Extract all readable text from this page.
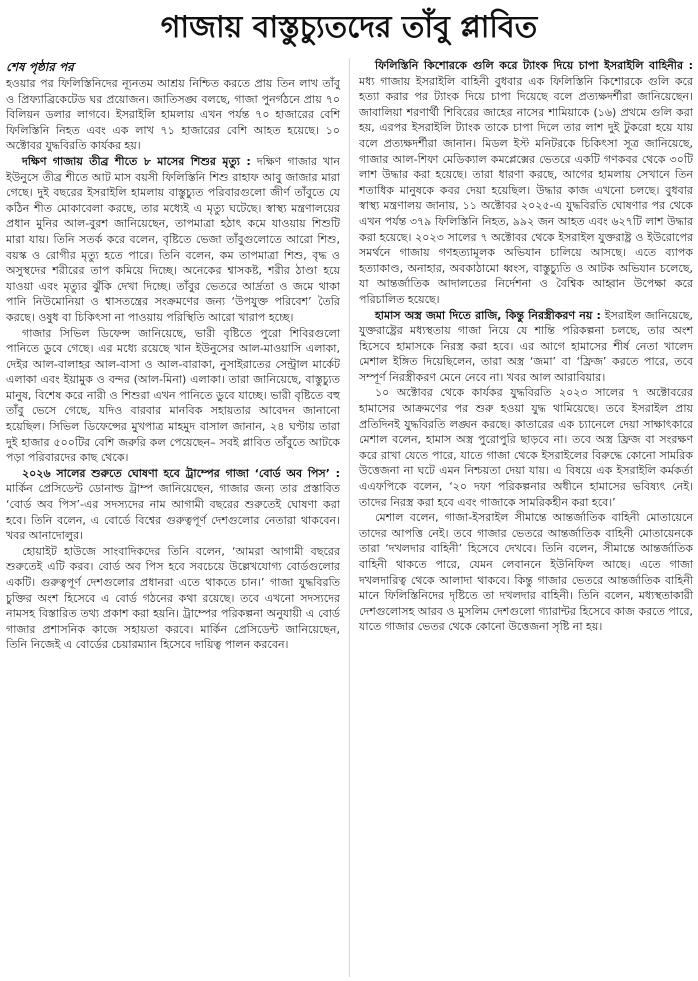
গাজায় বাস্তুচ্যুতদের তাঁবু প্লাবিত
শেষ পৃষ্ঠার পর

হওয়ার পর ফিলিস্তিনিদের ন্যূনতম আশ্রয় নিশ্চিত করতে প্রায় তিন লাখ তাঁবু ও প্রিফ্যাব্রিকেটেড ঘর প্রয়োজন। জাতিসঙ্ঘ বলছে, গাজা পুনর্গঠনে প্রায় ৭০ বিলিয়ন ডলার লাগবে। ইসরাইলি হামলায় এখন পর্যন্ত ৭০ হাজারের বেশি ফিলিস্তিনি নিহত এবং এক লাখ ৭১ হাজারের বেশি আহত হয়েছে। ১০ অক্টোবর যুদ্ধবিরতি কার্যকর হয়।

দক্ষিণ গাজায় তীব্র শীতে ৮ মাসের শিশুর মৃত্যু : দক্ষিণ গাজার খান ইউনুসে তীব্র শীতে আট মাস বয়সী ফিলিস্তিনি শিশু রাহাফ আবু জাজার মারা গেছে। দুই বছরের ইসরাইলি হামলায় বাস্তুচ্যুত পরিবারগুলো জীর্ণ তাঁবুতে যে কঠিন শীত মোকাবেলা করছে, তার মধ্যেই এ মৃত্যু ঘটেছে। স্বাস্থ্য মন্ত্রণালয়ের প্রধান মুনির আল-বুরশ জানিয়েছেন, তাপমাত্রা হঠাৎ কমে যাওয়ায় শিশুটি মারা যায়। তিনি সতর্ক করে বলেন, বৃষ্টিতে ভেজা তাঁবুগুলোতে আরো শিশু, বয়স্ক ও রোগীর মৃত্যু হতে পারে। তিনি বলেন, কম তাপমাত্রা শিশু, বৃদ্ধ ও অসুস্থদের শরীরের তাপ কমিয়ে দিচ্ছে। অনেকের শ্বাসকষ্ট, শরীর ঠাণ্ডা হয়ে যাওয়া এবং মৃত্যুর ঝুঁকি দেখা দিচ্ছে। তাঁবুর ভেতরে আর্দ্রতা ও জমে থাকা পানি নিউমোনিয়া ও শ্বাসতন্ত্রের সংক্রমণের জন্য ‘উপযুক্ত পরিবেশ’ তৈরি করছে। ওষুধ বা চিকিৎসা না পাওয়ায় পরিস্থিতি আরো খারাপ হচ্ছে।

গাজার সিভিল ডিফেন্স জানিয়েছে, ভারী বৃষ্টিতে পুরো শিবিরগুলো পানিতে ডুবে গেছে। এর মধ্যে রয়েছে খান ইউনুসের আল-মাওয়াসি এলাকা, দেইর আল-বালাহর আল-বাসা ও আল-বারাকা, নুসাইরাতের সেন্ট্রাল মার্কেট এলাকা এবং ইয়ামুক ও বন্দর (আল-মিনা) এলাকা। তারা জানিয়েছে, বাস্তুচ্যুত মানুষ, বিশেষ করে নারী ও শিশুরা এখন পানিতে ডুবে যাচ্ছে। ভারী বৃষ্টিতে বহু তাঁবু ভেসে গেছে, যদিও বারবার মানবিক সহায়তার আবেদন জানানো হয়েছিল। সিভিল ডিফেন্সের মুখপাত্র মাহমুদ বাসাল জানান, ২৪ ঘণ্টায় তারা দুই হাজার ৫০০টির বেশি জরুরি কল পেয়েছেন– সবই প্লাবিত তাঁবুতে আটকে পড়া পরিবারদের কাছ থেকে।

২০২৬ সালের শুরুতে ঘোষণা হবে ট্রাম্পের গাজা ‘বোর্ড অব পিস’ : মার্কিন প্রেসিডেন্ট ডোনাল্ড ট্রাম্প জানিয়েছেন, গাজার জন্য তার প্রস্তাবিত ‘বোর্ড অব পিস’-এর সদস্যদের নাম আগামী বছরের শুরুতেই ঘোষণা করা হবে। তিনি বলেন, এ বোর্ডে বিশ্বের গুরুত্বপূর্ণ দেশগুলোর নেতারা থাকবেন। খবর আনাদোলুর।

হোয়াইট হাউজে সাংবাদিকদের তিনি বলেন, ‘আমরা আগামী বছরের শুরুতেই এটি করব। বোর্ড অব পিস হবে সবচেয়ে উল্লেখযোগ্য বোর্ডগুলোর একটি। গুরুত্বপূর্ণ দেশগুলোর প্রধানরা এতে থাকতে চান।’ গাজা যুদ্ধবিরতি চুক্তির অংশ হিসেবে এ বোর্ড গঠনের কথা রয়েছে। তবে এখনো সদস্যদের নামসহ বিস্তারিত তথ্য প্রকাশ করা হয়নি। ট্রাম্পের পরিকল্পনা অনুযায়ী এ বোর্ড গাজার প্রশাসনিক কাজে সহায়তা করবে। মার্কিন প্রেসিডেন্ট জানিয়েছেন, তিনি নিজেই এ বোর্ডের চেয়ারম্যান হিসেবে দায়িত্ব পালন করবেন।

ফিলিস্তিনি কিশোরকে গুলি করে ট্যাংক দিয়ে চাপা ইসরাইলি বাহিনীর : মধ্য গাজায় ইসরাইলি বাহিনী বুধবার এক ফিলিস্তিনি কিশোরকে গুলি করে হত্যা করার পর ট্যাংক দিয়ে চাপা দিয়েছে বলে প্রত্যক্ষদর্শীরা জানিয়েছেন। জাবালিয়া শরণার্থী শিবিরের জাহের নাসের শামিয়াকে (১৬) প্রথমে গুলি করা হয়, এরপর ইসরাইলি ট্যাংক তাকে চাপা দিলে তার লাশ দুই টুকরো হয়ে যায় বলে প্রত্যক্ষদর্শীরা জানান। মিডল ইস্ট মনিটরকে চিকিৎসা সূত্র জানিয়েছে, গাজার আল-শিফা মেডিক্যাল কমপ্লেক্সের ভেতরে একটি গণকবর থেকে ৩০টি লাশ উদ্ধার করা হয়েছে। তারা ধারণা করছে, আগের হামলায় সেখানে তিন শতাধিক মানুষকে কবর দেয়া হয়েছিল। উদ্ধার কাজ এখনো চলছে। বুধবার স্বাস্থ্য মন্ত্রণালয় জানায়, ১১ অক্টোবর ২০২৫-এ যুদ্ধবিরতি ঘোষণার পর থেকে এখন পর্যন্ত ৩৭৯ ফিলিস্তিনি নিহত, ৯৯২ জন আহত এবং ৬২৭টি লাশ উদ্ধার করা হয়েছে। ২০২৩ সালের ৭ অক্টোবর থেকে ইসরাইল যুক্তরাষ্ট্র ও ইউরোপের সমর্থনে গাজায় গণহত্যামূলক অভিযান চালিয়ে আসছে। এতে ব্যাপক হত্যাকাণ্ড, অনাহার, অবকাঠামো ধ্বংস, বাস্তুচ্যুতি ও আটক অভিযান চলেছে, যা আন্তর্জাতিক আদালতের নির্দেশনা ও বৈশ্বিক আহ্বান উপেক্ষা করে পরিচালিত হয়েছে।

হামাস অস্ত্র জমা দিতে রাজি, কিন্তু নিরস্ত্রীকরণ নয় : ইসরাইল জানিয়েছে, যুক্তরাষ্ট্রের মধ্যস্থতায় গাজা নিয়ে যে শান্তি পরিকল্পনা চলছে, তার অংশ হিসেবে হামাসকে নিরস্ত্র করা হবে। এর আগে হামাসের শীর্ষ নেতা খালেদ মেশাল ইঙ্গিত দিয়েছিলেন, তারা অস্ত্র ‘জমা’ বা ‘ফ্রিজ’ করতে পারে, তবে সম্পূর্ণ নিরস্ত্রীকরণ মেনে নেবে না। খবর আল আরাবিয়ার।

১০ অক্টোবর থেকে কার্যকর যুদ্ধবিরতি ২০২৩ সালের ৭ অক্টোবরের হামাসের আক্রমণের পর শুরু হওয়া যুদ্ধ থামিয়েছে। তবে ইসরাইল প্রায় প্রতিদিনই যুদ্ধবিরতি লঙ্ঘন করছে। কাতারের এক চ্যানেলে দেয়া সাক্ষাৎকারে মেশাল বলেন, হামাস অস্ত্র পুরোপুরি ছাড়বে না। তবে অস্ত্র ফ্রিজ বা সংরক্ষণ করে রাখা যেতে পারে, যাতে গাজা থেকে ইসরাইলের বিরুদ্ধে কোনো সামরিক উত্তেজনা না ঘটে এমন নিশ্চয়তা দেয়া যায়। এ বিষয়ে এক ইসরাইলি কর্মকর্তা এএফপিকে বলেন, ‘২০ দফা পরিকল্পনার অধীনে হামাসের ভবিষ্যৎ নেই। তাদের নিরস্ত্র করা হবে এবং গাজাকে সামরিকহীন করা হবে।’

মেশাল বলেন, গাজা-ইসরাইল সীমান্তে আন্তর্জাতিক বাহিনী মোতায়েনে তাদের আপত্তি নেই। তবে গাজার ভেতরে আন্তর্জাতিক বাহিনী মোতায়েনকে তারা ‘দখলদার বাহিনী’ হিসেবে দেখবে। তিনি বলেন, সীমান্তে আন্তর্জাতিক বাহিনী থাকতে পারে, যেমন লেবাননে ইউনিফিল আছে। এতে গাজা দখলদারিত্ব থেকে আলাদা থাকবে। কিন্তু গাজার ভেতরে আন্তর্জাতিক বাহিনী মানে ফিলিস্তিনিদের দৃষ্টিতে তা দখলদার বাহিনী। তিনি বলেন, মধ্যস্থতাকারী দেশগুলোসহ আরব ও মুসলিম দেশগুলো গ্যারান্টর হিসেবে কাজ করতে পারে, যাতে গাজার ভেতর থেকে কোনো উত্তেজনা সৃষ্টি না হয়।
